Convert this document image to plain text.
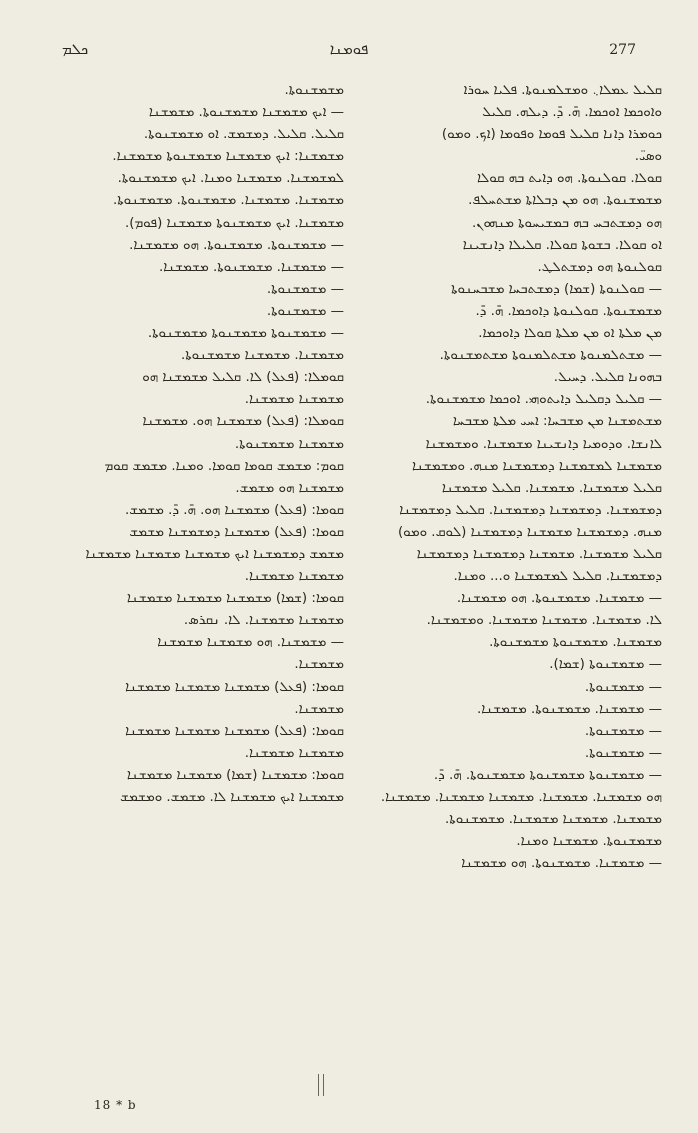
ܟܠܡ	ܦܘܡܢܐ	277

ܩܠܝܠ ܥܡܠܐ܆ ܘܡܫܠܡܢܘܬܐ. ܦܠܝܐ ܚܘܪܐ

ܘܐܘܟܡܐ ܐܘܟܡܐ. ܗ̄. ܕ̄. ܕܝܠܗ. ܩܠܝܠ

ܟܘܡܪܐ ܕܐܢܐ ܩܠܝܠ ܦܘܡܐ ܘܦܘܡܐ (ܐܟ. ܘܡܘ)

ܘܣܝ̈.

ܩܘܠܐ. ܩܘܠܢܘܬܐ. ܗܘ ܕܐܝܬ ܒܗ ܩܘܠܐ

ܡܫܡܫܢܘܬܐ. ܗܘ ܡܢ ܕܒܠܐܬܐ ܡܫܬܚܠܦ.

ܗܘ ܕܡܫܬܒܚ ܒܗ ܒܡܫܝܚܘܬܐ ܡܢܗܘܢ.

ܐܘ ܩܘܠܐ. ܒܫܘܬܐ ܩܘܠܐ. ܩܠܝܠܐ ܕܐܢܫܝܢܐ

ܩܘܠܢܘܬܐ ܗܘ ܕܡܫܬܠܛ.

— ܩܘܠܢܘܬܐ (ܫܡܐ) ܕܡܫܬܒܚܐ ܡܫܒܚܢܘܬܐ

ܡܫܡܫܢܘܬܐ. ܩܘܠܢܘܬܐ ܕܐܘܟܡܐ. ܗ̄. ܕ̄.

ܡܢ ܡܠܬܐ ܐܘ ܡܢ ܡܠܬܐ ܩܘܠܐ ܕܐܘܟܡܐ.

— ܡܫܬܠܡܢܘܬܐ ܡܫܬܠܡܢܘܬܐ ܡܫܬܡܫܢܘܬܐ.

ܒܗܘܢܐ ܩܠܝܠ. ܕܚܝܠ.

— ܩܠܝܠ ܕܩܠܝܠ ܕܐܝܬܘܗܝ. ܐܘܟܡܐ ܡܫܡܫܢܘܬܐ.

ܡܫܬܡܫܢܐ ܡܢ ܡܫܒܚܐ: ܐܚܝ ܡܠܬܐ ܡܫܒܚܐ

ܠܐܢܫܐ. ܘܕܘܡܝܐ ܕܐܢܫܝܢܐ ܡܫܡܫܢܐ. ܘܡܫܡܫܢܐ

ܡܫܡܫܢܐ ܠܡܫܡܫܢܐ ܕܡܫܡܫܢܐ ܡܢܗ. ܘܡܫܡܫܢܐ

ܩܠܝܠ ܡܫܡܫܢܐ. ܡܫܡܫܢܐ. ܩܠܝܠ ܡܫܡܫܢܐ

ܕܡܫܡܫܢܐ. ܕܡܫܡܫܢܐ ܕܡܫܡܫܢܐ. ܩܠܝܠ ܕܡܫܡܫܢܐ

ܡܢܗ. ܕܡܫܡܫܢܐ ܡܫܡܫܢܐ ܕܡܫܡܫܢܐ (ܠܘܩ. ܘܡܘ)

ܩܠܝܠ ܡܫܡܫܢܐ. ܡܫܡܫܢܐ ܕܡܫܡܫܢܐ ܕܡܫܡܫܢܐ

ܕܡܫܡܫܢܐ. ܩܠܝܠ ܠܡܫܡܫܢܐ ܘ... ܘܡܢܐ.

— ܡܫܡܫܢܐ. ܡܫܡܫܢܘܬܐ. ܗܘ ܡܫܡܫܢܐ.

ܠܐ. ܡܫܡܫܢܐ. ܡܫܡܫܢܐ ܡܫܡܫܢܐ. ܘܡܫܡܫܢܐ.

ܡܫܡܫܢܐ. ܡܫܡܫܢܘܬܐ ܡܫܡܫܢܘܬܐ.

— ܡܫܡܫܢܘܬܐ (ܫܡܐ).

— ܡܫܡܫܢܘܬܐ.

— ܡܫܡܫܢܐ. ܡܫܡܫܢܘܬܐ. ܡܫܡܫܢܐ.

— ܡܫܡܫܢܘܬܐ.

— ܡܫܡܫܢܘܬܐ.

— ܡܫܡܫܢܘܬܐ ܡܫܡܫܢܘܬܐ ܡܫܡܫܢܘܬܐ. ܗ̄. ܕ̄.

ܗܘ ܡܫܡܫܢܐ. ܡܫܡܫܢܐ. ܡܫܡܫܢܐ ܡܫܡܫܢܐ. ܡܫܡܫܢܐ.

ܡܫܡܫܢܐ. ܡܫܡܫܢܐ ܡܫܡܫܢܐ. ܡܫܡܫܢܘܬܐ.

ܡܫܡܫܢܘܬܐ. ܡܫܡܫܢܐ ܘܡܢܐ.

— ܡܫܡܫܢܐ. ܡܫܡܫܢܘܬܐ. ܗܘ ܡܫܡܫܢܐ

ܡܫܡܫܢܘܬܐ.

— ܐܝܟ ܡܫܡܫܢܐ ܡܫܡܫܢܘܬܐ. ܡܫܡܫܢܐ

ܩܠܝܠ. ܩܠܝܠ. ܕܡܫܡܫ. ܐܘ ܡܫܡܫܢܘܬܐ.

ܡܫܡܫܢܐ: ܐܝܟ ܡܫܡܫܢܐ ܡܫܡܫܢܘܬܐ ܡܫܡܫܢܐ.

ܠܡܫܡܫܢܐ. ܡܫܡܫܢܐ ܘܡܢܐ. ܐܝܟ ܡܫܡܫܢܘܬܐ.

ܡܫܡܫܢܐ. ܡܫܡܫܢܐ. ܡܫܡܫܢܘܬܐ. ܡܫܡܫܢܘܬܐ.

ܡܫܡܫܢܐ. ܐܝܟ ܡܫܡܫܢܘܬܐ ܡܫܡܫܢܐ (ܦܘܡ).

— ܡܫܡܫܢܘܬܐ. ܡܫܡܫܢܘܬܐ. ܗܘ ܡܫܡܫܢܐ.

— ܡܫܡܫܢܐ. ܡܫܡܫܢܘܬܐ. ܡܫܡܫܢܐ.

— ܡܫܡܫܢܘܬܐ.

— ܡܫܡܫܢܘܬܐ.

— ܡܫܡܫܢܘܬܐ ܡܫܡܫܢܘܬܐ ܡܫܡܫܢܘܬܐ.

ܡܫܡܫܢܐ. ܡܫܡܫܢܐ ܡܫܡܫܢܘܬܐ.

ܩܘܡܠܐ: (ܦܥܠ) ܠܐ. ܩܠܝܠ ܡܫܡܫܢܐ ܗܘ

ܡܫܡܫܢܐ ܡܫܡܫܢܐ.

ܩܘܡܠܐ: (ܦܥܠ) ܡܫܡܫܢܐ ܗܘ. ܡܫܡܫܢܐ

ܡܫܡܫܢܐ ܡܫܡܫܢܘܬܐ.

ܩܘܡ: ܡܫܡܫ ܩܘܡܐ ܩܘܡܐ. ܘܡܢܐ. ܡܫܡܫ ܩܘܡ

ܡܫܡܫܢܐ ܗܘ ܡܫܡܫ.

ܩܘܡܐ: (ܦܥܠ) ܡܫܡܫܢܐ ܗܘ. ܗ̄. ܕ̄. ܡܫܡܫ.

ܩܘܡܐ: (ܦܥܠ) ܡܫܡܫܢܐ ܕܡܫܡܫܢܐ ܡܫܡܫ

ܡܫܡܫ ܕܡܫܡܫܢܐ ܐܝܟ ܡܫܡܫܢܐ ܡܫܡܫܢܐ ܡܫܡܫܢܐ

ܡܫܡܫܢܐ ܡܫܡܫܢܐ.

ܩܘܡܐ: (ܫܡܐ) ܡܫܡܫܢܐ ܡܫܡܫܢܐ ܡܫܡܫܢܐ

ܡܫܡܫܢܐ ܡܫܡܫܢܐ. ܠܐ. ܢܩܪܣ.

— ܡܫܡܫܢܐ. ܗܘ ܡܫܡܫܢܐ ܡܫܡܫܢܐ

ܡܫܡܫܢܐ.

ܩܘܡܐ: (ܦܥܠ) ܡܫܡܫܢܐ ܡܫܡܫܢܐ ܡܫܡܫܢܐ

ܡܫܡܫܢܐ.

ܩܘܡܐ: (ܦܥܠ) ܡܫܡܫܢܐ ܡܫܡܫܢܐ ܡܫܡܫܢܐ

ܡܫܡܫܢܐ ܡܫܡܫܢܐ.

ܩܘܡܐ: ܡܫܡܫܢܐ (ܫܡܐ) ܡܫܡܫܢܐ ܡܫܡܫܢܐ

ܡܫܡܫܢܐ ܐܝܟ ܡܫܡܫܢܐ ܠܐ. ܡܫܡܫ. ܘܡܫܡܫ

18 * b
